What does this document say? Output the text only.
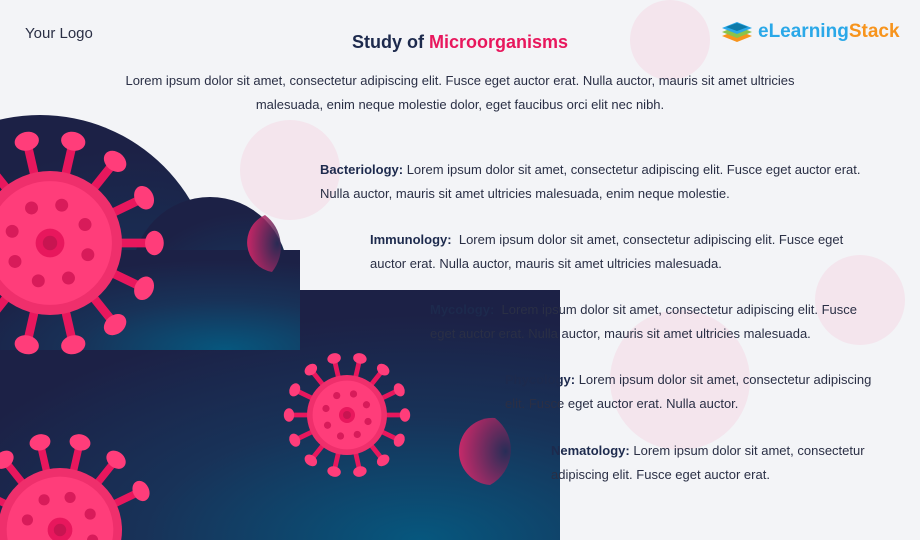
Your Logo	Study of Microorganisms	eLearning Stack
Lorem ipsum dolor sit amet, consectetur adipiscing elit. Fusce eget auctor erat. Nulla auctor, mauris sit amet ultricies malesuada, enim neque molestie dolor, eget faucibus orci elit nec nibh.
Bacteriology: Lorem ipsum dolor sit amet, consectetur adipiscing elit. Fusce eget auctor erat. Nulla auctor, mauris sit amet ultricies malesuada, enim neque molestie.
Immunology: Lorem ipsum dolor sit amet, consectetur adipiscing elit. Fusce eget auctor erat. Nulla auctor, mauris sit amet ultricies malesuada.
Mycology: Lorem ipsum dolor sit amet, consectetur adipiscing elit. Fusce eget auctor erat. Nulla auctor, mauris sit amet ultricies malesuada.
Phycology: Lorem ipsum dolor sit amet, consectetur adipiscing elit. Fusce eget auctor erat. Nulla auctor.
Nematology: Lorem ipsum dolor sit amet, consectetur adipiscing elit. Fusce eget auctor erat.
